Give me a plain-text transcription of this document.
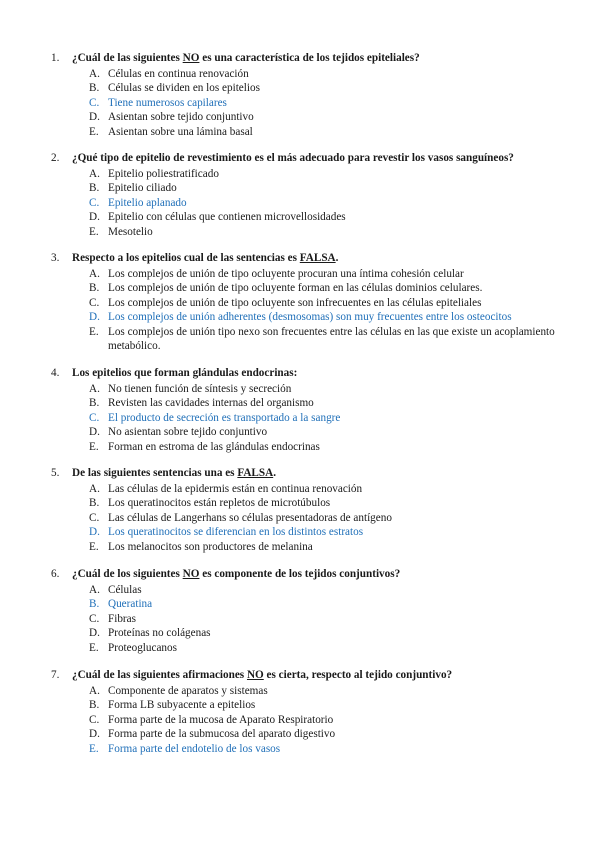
1. ¿Cuál de las siguientes NO es una característica de los tejidos epiteliales?
A. Células en continua renovación
B. Células se dividen en los epitelios
C. Tiene numerosos capilares
D. Asientan sobre tejido conjuntivo
E. Asientan sobre una lámina basal
2. ¿Qué tipo de epitelio de revestimiento es el más adecuado para revestir los vasos sanguíneos?
A. Epitelio poliestratificado
B. Epitelio ciliado
C. Epitelio aplanado
D. Epitelio con células que contienen microvellosidades
E. Mesotelio
3. Respecto a los epitelios cual de las sentencias es FALSA.
A. Los complejos de unión de tipo ocluyente procuran una íntima cohesión celular
B. Los complejos de unión de tipo ocluyente forman en las células dominios celulares.
C. Los complejos de unión de tipo ocluyente son infrecuentes en las células epiteliales
D. Los complejos de unión adherentes (desmosomas) son muy frecuentes entre los osteocitos
E. Los complejos de unión tipo nexo son frecuentes entre las células en las que existe un acoplamiento metabólico.
4. Los epitelios que forman glándulas endocrinas:
A. No tienen función de síntesis y secreción
B. Revisten las cavidades internas del organismo
C. El producto de secreción es transportado a la sangre
D. No asientan sobre tejido conjuntivo
E. Forman en estroma de las glándulas endocrinas
5. De las siguientes sentencias una es FALSA.
A. Las células de la epidermis están en continua renovación
B. Los queratinocitos están repletos de microtúbulos
C. Las células de Langerhans so células presentadoras de antígeno
D. Los queratinocitos se diferencian en los distintos estratos
E. Los melanocitos son productores de melanina
6. ¿Cuál de los siguientes NO es componente de los tejidos conjuntivos?
A. Células
B. Queratina
C. Fibras
D. Proteínas no colágenas
E. Proteoglucanos
7. ¿Cuál de las siguientes afirmaciones NO es cierta, respecto al tejido conjuntivo?
A. Componente de aparatos y sistemas
B. Forma LB subyacente a epitelios
C. Forma parte de la mucosa de Aparato Respiratorio
D. Forma parte de la submucosa del aparato digestivo
E. Forma parte del endotelio de los vasos
